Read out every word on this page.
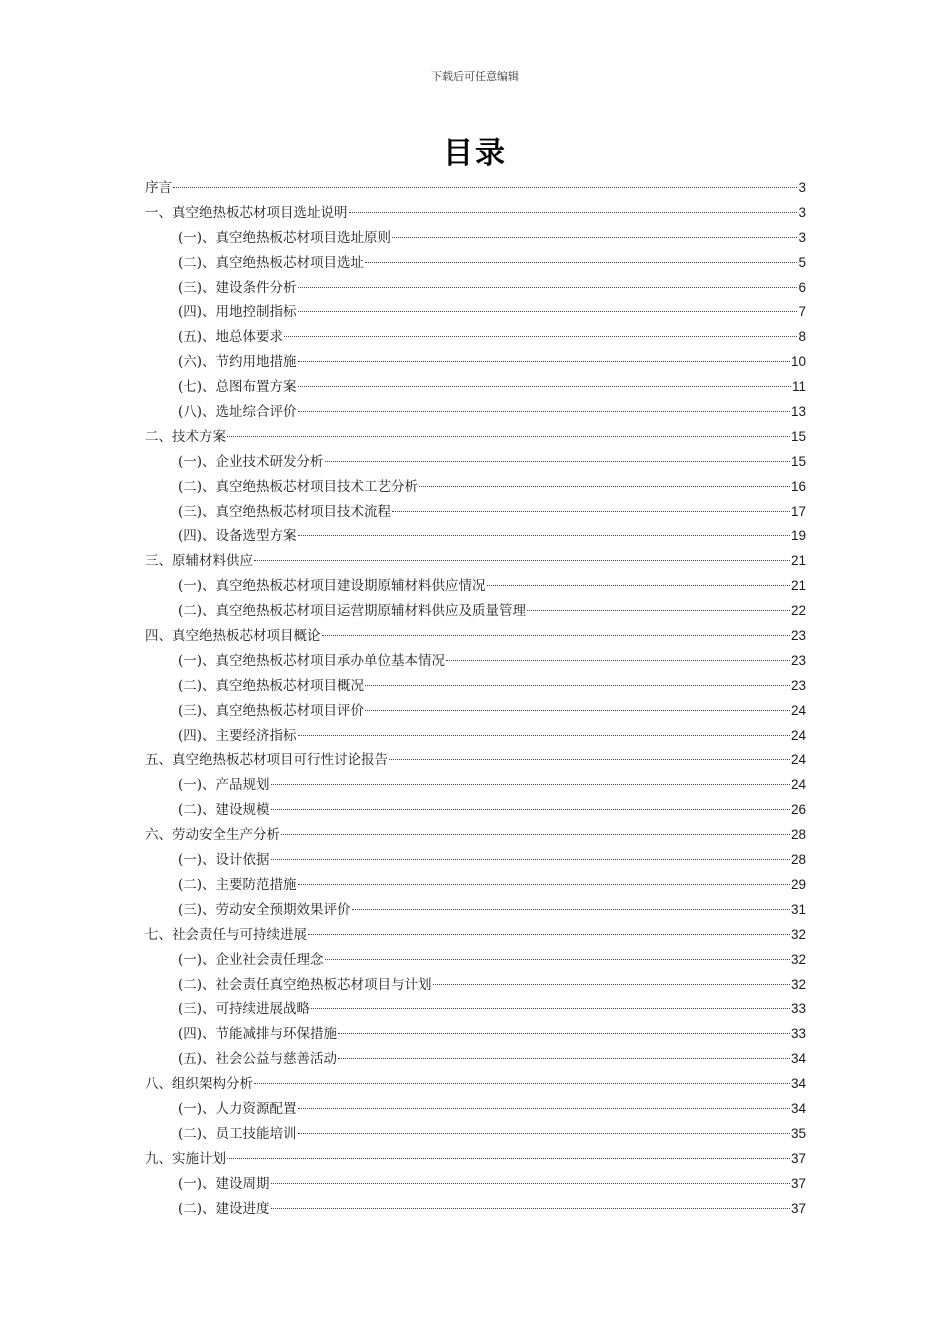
下载后可任意编辑
目录
序言	3
一、真空绝热板芯材项目选址说明	3
(一)、真空绝热板芯材项目选址原则	3
(二)、真空绝热板芯材项目选址	5
(三)、建设条件分析	6
(四)、用地控制指标	7
(五)、地总体要求	8
(六)、节约用地措施	10
(七)、总图布置方案	11
(八)、选址综合评价	13
二、技术方案	15
(一)、企业技术研发分析	15
(二)、真空绝热板芯材项目技术工艺分析	16
(三)、真空绝热板芯材项目技术流程	17
(四)、设备选型方案	19
三、原辅材料供应	21
(一)、真空绝热板芯材项目建设期原辅材料供应情况	21
(二)、真空绝热板芯材项目运营期原辅材料供应及质量管理	22
四、真空绝热板芯材项目概论	23
(一)、真空绝热板芯材项目承办单位基本情况	23
(二)、真空绝热板芯材项目概况	23
(三)、真空绝热板芯材项目评价	24
(四)、主要经济指标	24
五、真空绝热板芯材项目可行性讨论报告	24
(一)、产品规划	24
(二)、建设规模	26
六、劳动安全生产分析	28
(一)、设计依据	28
(二)、主要防范措施	29
(三)、劳动安全预期效果评价	31
七、社会责任与可持续进展	32
(一)、企业社会责任理念	32
(二)、社会责任真空绝热板芯材项目与计划	32
(三)、可持续进展战略	33
(四)、节能减排与环保措施	33
(五)、社会公益与慈善活动	34
八、组织架构分析	34
(一)、人力资源配置	34
(二)、员工技能培训	35
九、实施计划	37
(一)、建设周期	37
(二)、建设进度	37
